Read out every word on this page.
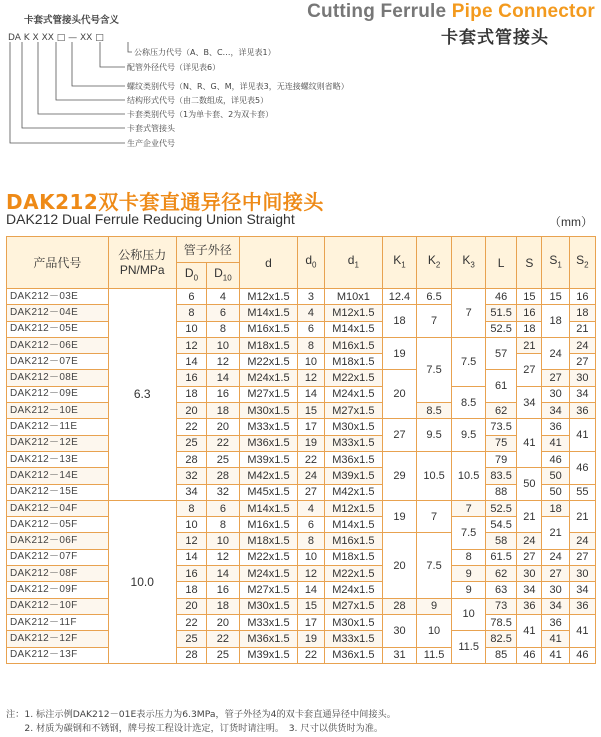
Cutting Ferrule Pipe Connector
卡套式管接头
卡套式管接头代号含义
DA K X XX □ — XX □
公称压力代号（A、B、C…，详见表1）
配管外径代号（详见表6）
螺纹类别代号（N、R、G、M，详见表3，无连接螺纹则省略）
结构形式代号（由二数组成，详见表5）
卡套类别代号（1为单卡套、2为双卡套）
卡套式管接头
生产企业代号
DAK212双卡套直通异径中间接头
DAK212 Dual Ferrule Reducing Union Straight	（mm）
产品代号	公称压力
PN/MPa	管子外径		d	$d_0$	$d_1$	$K_1$	$K_2$	$K_3$	L	S	$S_1$	$S_2$
		$D_0$	$D_{10}$
DAK212－03E	6.3	6	4	M12x1.5	3	M10x1	12.4	6.5	7	46	15	15	16
DAK212－04E		8	6	M14x1.5	4	M12x1.5	18	7		51.5	16	18	18
DAK212－05E		10	8	M16x1.5	6	M14x1.5				52.5	18		21
DAK212－06E		12	10	M18x1.5	8	M16x1.5	19	7.5	7.5	57	21	24	24
DAK212－07E		14	12	M22x1.5	10	M18x1.5					27		27
DAK212－08E		16	14	M24x1.5	12	M22x1.5	20			61		27	30
DAK212－09E		18	16	M27x1.5	14	M24x1.5			8.5		34	30	34
DAK212－10E		20	18	M30x1.5	15	M27x1.5		8.5		62		34	36
DAK212－11E		22	20	M33x1.5	17	M30x1.5	27	9.5	9.5	73.5	41	36	41
DAK212－12E		25	22	M36x1.5	19	M33x1.5				75		41	
DAK212－13E		28	25	M39x1.5	22	M36x1.5	29	10.5	10.5	79		46	46
DAK212－14E		32	28	M42x1.5	24	M39x1.5				83.5	50	50	
DAK212－15E		34	32	M45x1.5	27	M42x1.5				88		50	55
DAK212－04F	10.0	8	6	M14x1.5	4	M12x1.5	19	7	7	52.5	21	18	21
DAK212－05F		10	8	M16x1.5	6	M14x1.5			7.5	54.5		21	
DAK212－06F		12	10	M18x1.5	8	M16x1.5	20	7.5		58	24		24
DAK212－07F		14	12	M22x1.5	10	M18x1.5			8	61.5	27	24	27
DAK212－08F		16	14	M24x1.5	12	M22x1.5			9	62	30	27	30
DAK212－09F		18	16	M27x1.5	14	M24x1.5			9	63	34	30	34
DAK212－10F		20	18	M30x1.5	15	M27x1.5	28	9	10	73	36	34	36
DAK212－11F		22	20	M33x1.5	17	M30x1.5	30	10		78.5	41	36	41
DAK212－12F		25	22	M36x1.5	19	M33x1.5			11.5	82.5		41	
DAK212－13F		28	25	M39x1.5	22	M36x1.5	31	11.5		85	46	41	46
注：1. 标注示例DAK212－01E表示压力为6.3MPa，管子外径为4的双卡套直通异径中间接头。
　　2. 材质为碳钢和不锈钢，牌号按工程设计选定，订货时请注明。　3. 尺寸以供货时为准。
